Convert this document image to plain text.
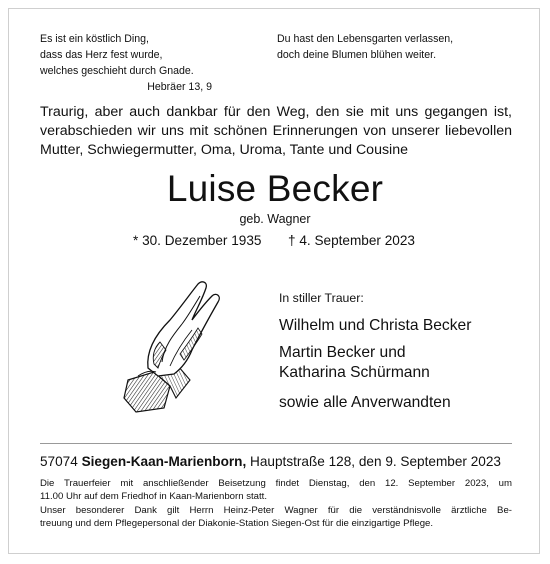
Es ist ein köstlich Ding,
dass das Herz fest wurde,
welches geschieht durch Gnade.
Hebräer 13, 9
Du hast den Lebensgarten verlassen,
doch deine Blumen blühen weiter.
Traurig, aber auch dankbar für den Weg, den sie mit uns gegangen ist,
verabschieden wir uns mit schönen Erinnerungen von unserer liebevollen
Mutter, Schwiegermutter, Oma, Uroma, Tante und Cousine
Luise Becker
geb. Wagner
* 30. Dezember 1935 † 4. September 2023
In stiller Trauer:
Wilhelm und Christa Becker
Martin Becker und
Katharina Schürmann
sowie alle Anverwandten
57074 Siegen-Kaan-Marienborn, Hauptstraße 128, den 9. September 2023
Die Trauerfeier mit anschließender Beisetzung findet Dienstag, den 12. September 2023, um
11.00 Uhr auf dem Friedhof in Kaan-Marienborn statt.
Unser besonderer Dank gilt Herrn Heinz-Peter Wagner für die verständnisvolle ärztliche Be-
treuung und dem Pflegepersonal der Diakonie-Station Siegen-Ost für die einzigartige Pflege.
